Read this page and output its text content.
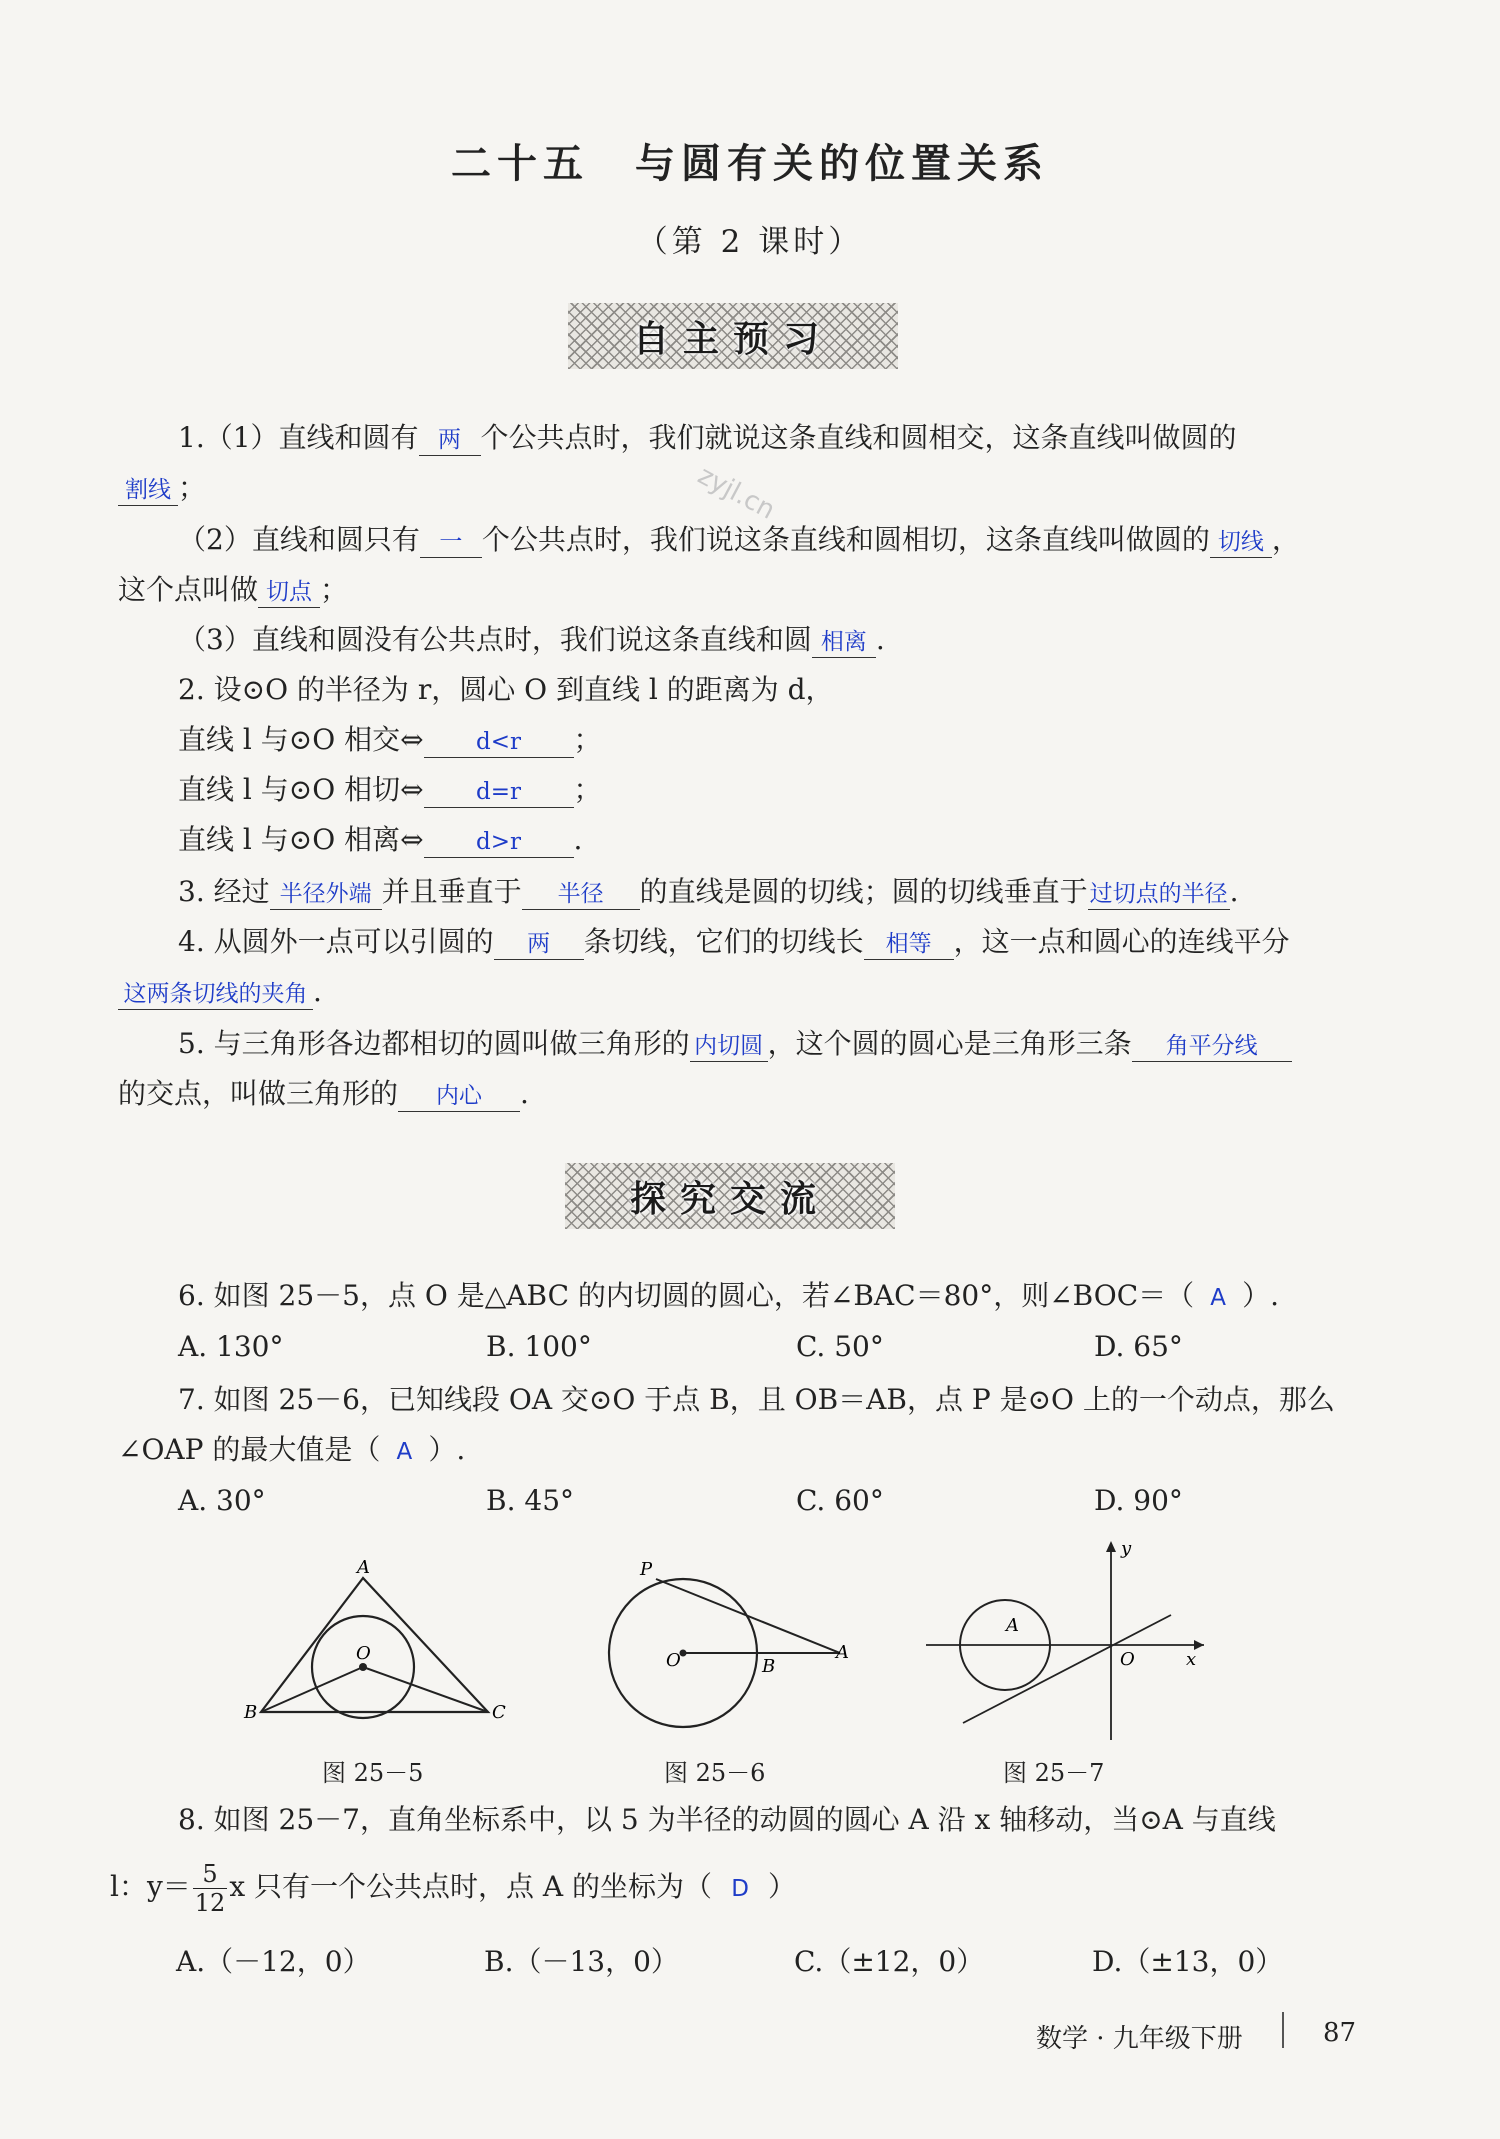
二十五　与圆有关的位置关系
（第 2 课时）
自主预习
zyjl.cn
1.（1）直线和圆有 两 个公共点时，我们就说这条直线和圆相交，这条直线叫做圆的
割线 ；
（2）直线和圆只有 一 个公共点时，我们说这条直线和圆相切，这条直线叫做圆的 切线 ，
这个点叫做 切点 ；
（3）直线和圆没有公共点时，我们说这条直线和圆 相离 .
2. 设⊙O 的半径为 r，圆心 O 到直线 l 的距离为 d，
直线 l 与⊙O 相交⇔ d<r ；
直线 l 与⊙O 相切⇔ d=r ；
直线 l 与⊙O 相离⇔ d>r .
3. 经过 半径外端 并且垂直于 半径 的直线是圆的切线；圆的切线垂直于过切点的半径.
4. 从圆外一点可以引圆的 两 条切线，它们的切线长 相等 ，这一点和圆心的连线平分
这两条切线的夹角 .
5. 与三角形各边都相切的圆叫做三角形的 内切圆 ，这个圆的圆心是三角形三条 角平分线
的交点，叫做三角形的 内心 .
探究交流
6. 如图 25－5，点 O 是△ABC 的内切圆的圆心，若∠BAC＝80°，则∠BOC＝（ A ）.
A. 130°	B. 100°	C. 50°	D. 65°
7. 如图 25－6，已知线段 OA 交⊙O 于点 B，且 OB＝AB，点 P 是⊙O 上的一个动点，那么
∠OAP 的最大值是（ A ）.
A. 30°	B. 45°	C. 60°	D. 90°
A
B	C
O
图 25－5
P
O	B
A
图 25－6
y
A
O	x
图 25－7
8. 如图 25－7，直角坐标系中，以 5 为半径的动圆的圆心 A 沿 x 轴移动，当⊙A 与直线
l：$y= \frac{5}{12}$ x 只有一个公共点时，点 A 的坐标为（ D ）
A.（－12，0）	B.（－13，0）	C.（±12，0）	D.（±13，0）
数学 · 九年级下册	87
